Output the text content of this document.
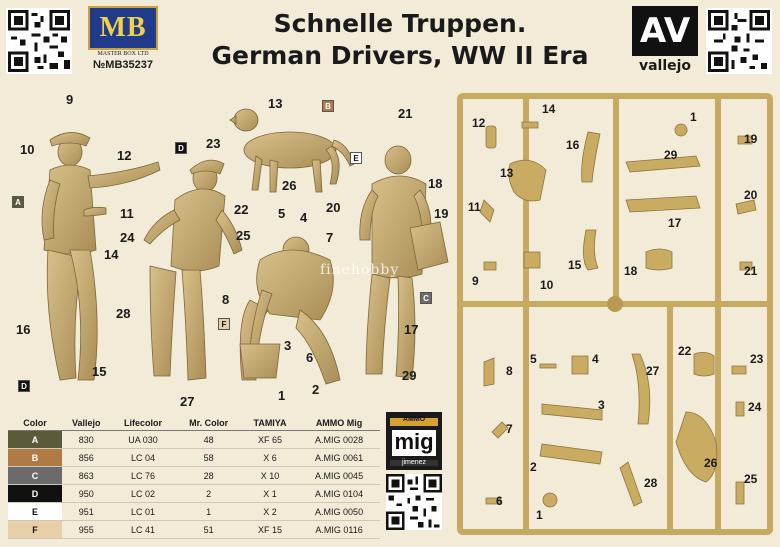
MB
MASTER BOX LTD
№MB35237
Schnelle Truppen.
German Drivers, WW II Era
AV
vallejo
9
10	12
11
14
24
16
15
13
26
23
22
25
28
27
5 4
7
8
3
6
1 2
21
18
20	19
17
29
A
B
C
D
D
E
F
finehobby
14
12	1
16
29
19
13
11
20
17
9	10
15	18	21
5	4
8	27
3
7
22
23
24
26
2
28	25
6
1
Color	Vallejo	Lifecolor	Mr. Color	TAMIYA	AMMO Mig
A	830	UA 030	48	XF 65	A.MIG 0028
B	856	LC 04	58	X 6	A.MIG 0061
C	863	LC 76	28	X 10	A.MIG 0045
D	950	LC 02	2	X 1	A.MIG 0104
E	951	LC 01	1	X 2	A.MIG 0050
F	955	LC 41	51	XF 15	A.MIG 0116
AMMO
mig
jimenez
